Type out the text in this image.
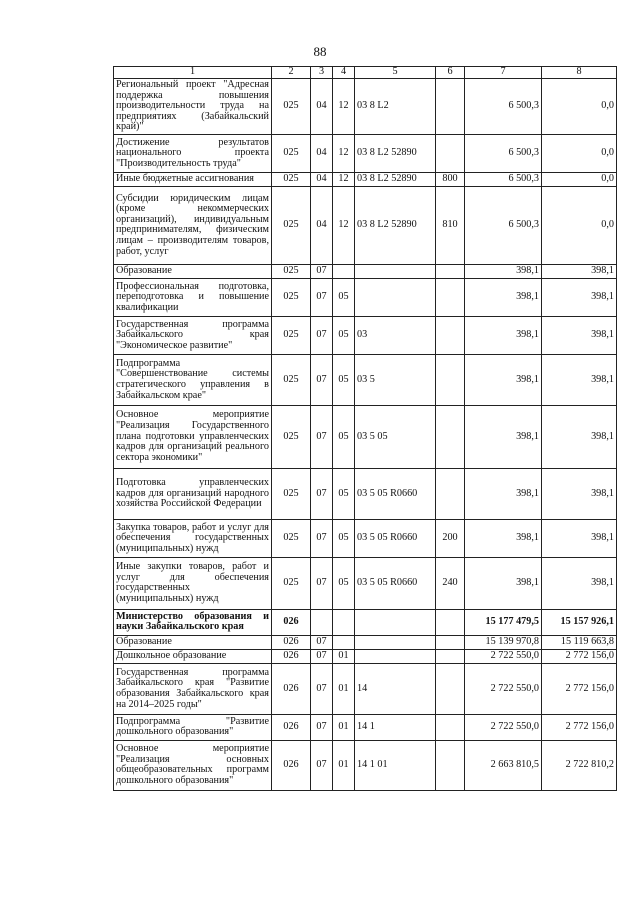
88
1	2	3	4	5	6	7	8
Региональный проект "Адресная поддержка повышения производительности труда на предприятиях (Забайкальский край)"	025	04	12	03 8 L2		6 500,3	0,0
Достижение результатов национального проекта "Производительность труда"	025	04	12	03 8 L2 52890		6 500,3	0,0
Иные бюджетные ассигнования	025	04	12	03 8 L2 52890	800	6 500,3	0,0
Субсидии юридическим лицам (кроме некоммерческих организаций), индивидуальным предпринимателям, физическим лицам – производителям товаров, работ, услуг	025	04	12	03 8 L2 52890	810	6 500,3	0,0
Образование	025	07				398,1	398,1
Профессиональная подготовка, переподготовка и повышение квалификации	025	07	05			398,1	398,1
Государственная программа Забайкальского края "Экономическое развитие"	025	07	05	03		398,1	398,1
Подпрограмма "Совершенствование системы стратегического управления в Забайкальском крае"	025	07	05	03 5		398,1	398,1
Основное мероприятие "Реализация Государственного плана подготовки управленческих кадров для организаций реального сектора экономики"	025	07	05	03 5 05		398,1	398,1
Подготовка управленческих кадров для организаций народного хозяйства Российской Федерации	025	07	05	03 5 05 R0660		398,1	398,1
Закупка товаров, работ и услуг для обеспечения государственных (муниципальных) нужд	025	07	05	03 5 05 R0660	200	398,1	398,1
Иные закупки товаров, работ и услуг для обеспечения государственных (муниципальных) нужд	025	07	05	03 5 05 R0660	240	398,1	398,1
Министерство образования и науки Забайкальского края	026					15 177 479,5	15 157 926,1
Образование	026	07				15 139 970,8	15 119 663,8
Дошкольное образование	026	07	01			2 722 550,0	2 772 156,0
Государственная программа Забайкальского края "Развитие образования Забайкальского края на 2014–2025 годы"	026	07	01	14		2 722 550,0	2 772 156,0
Подпрограмма "Развитие дошкольного образования"	026	07	01	14 1		2 722 550,0	2 772 156,0
Основное мероприятие "Реализация основных общеобразовательных программ дошкольного образования"	026	07	01	14 1 01		2 663 810,5	2 722 810,2
